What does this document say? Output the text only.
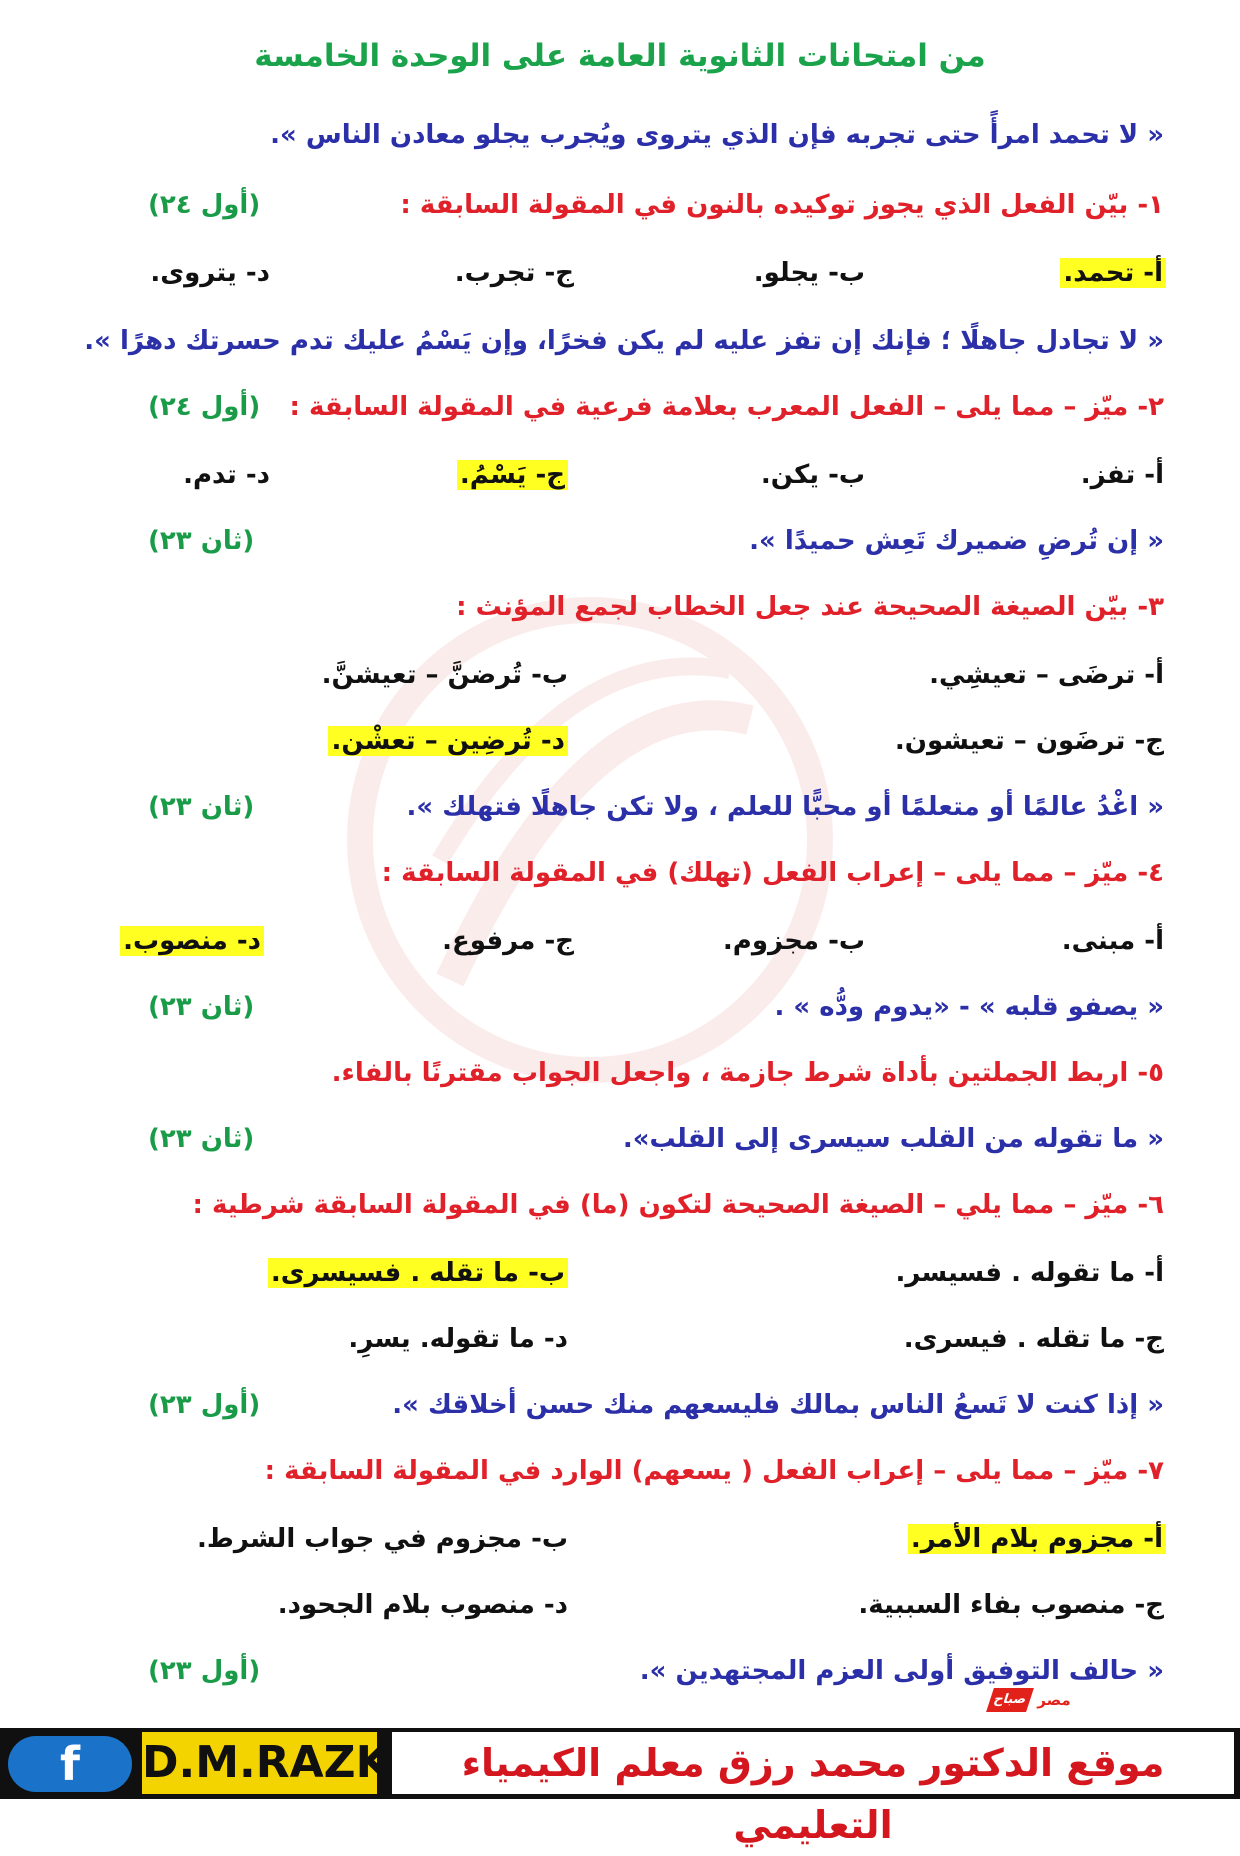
من امتحانات الثانوية العامة على الوحدة الخامسة
« لا تحمد امرأً حتى تجربه فإن الذي يتروى ويُجرب يجلو معادن الناس ».
١- بيّن الفعل الذي يجوز توكيده بالنون في المقولة السابقة :
(أول ٢٤)
أ- تحمد.
ب- يجلو.
ج- تجرب.
د- يتروى.
« لا تجادل جاهلًا ؛ فإنك إن تفز عليه لم يكن فخرًا، وإن يَسْمُ عليك تدم حسرتك دهرًا ».
٢- ميّز – مما يلى – الفعل المعرب بعلامة فرعية في المقولة السابقة :
(أول ٢٤)
أ- تفز.
ب- يكن.
ج- يَسْمُ.
د- تدم.
« إن تُرضِ ضميرك تَعِش حميدًا ».
(ثان ٢٣)
٣- بيّن الصيغة الصحيحة عند جعل الخطاب لجمع المؤنث :
أ- ترضَى – تعيشِي.
ب- تُرضنَّ – تعيشنَّ.
ج- ترضَون – تعيشون.
د- تُرضِين – تعشْن.
« اغْدُ عالمًا أو متعلمًا أو محبًّا للعلم ، ولا تكن جاهلًا فتهلك ».
(ثان ٢٣)
٤- ميّز – مما يلى – إعراب الفعل (تهلك) في المقولة السابقة :
أ- مبنى.
ب- مجزوم.
ج- مرفوع.
د- منصوب.
« يصفو قلبه » - «يدوم ودُّه » .
(ثان ٢٣)
٥- اربط الجملتين بأداة شرط جازمة ، واجعل الجواب مقترنًا بالفاء.
« ما تقوله من القلب سيسرى إلى القلب».
(ثان ٢٣)
٦- ميّز – مما يلي – الصيغة الصحيحة لتكون (ما) في المقولة السابقة شرطية :
أ- ما تقوله . فسيسر.
ب- ما تقله . فسيسرى.
ج- ما تقله . فيسرى.
د- ما تقوله. يسرِ.
« إذا كنت لا تَسعُ الناس بمالك فليسعهم منك حسن أخلاقك ».
(أول ٢٣)
٧- ميّز – مما يلى – إعراب الفعل ( يسعهم) الوارد في المقولة السابقة :
أ- مجزوم بلام الأمر.
ب- مجزوم في جواب الشرط.
ج- منصوب بفاء السببية.
د- منصوب بلام الجحود.
« حالف التوفيق أولى العزم المجتهدين ».
(أول ٢٣)
صباح مصر
f	D.M.RAZK	موقع الدكتور محمد رزق معلم الكيمياء التعليمي
